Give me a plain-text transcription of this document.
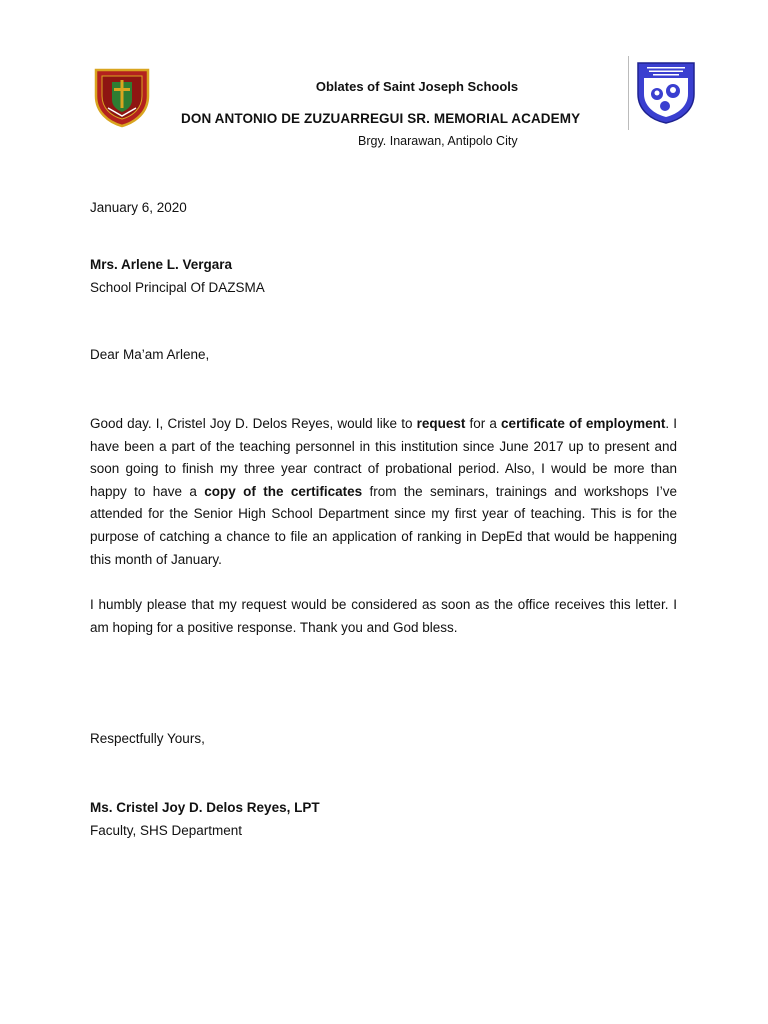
Oblates of Saint Joseph Schools
DON ANTONIO DE ZUZUARREGUI SR. MEMORIAL ACADEMY
Brgy. Inarawan, Antipolo City
January 6, 2020
Mrs. Arlene L. Vergara
School Principal Of DAZSMA
Dear Ma’am Arlene,
Good day. I, Cristel Joy D. Delos Reyes, would like to request for a certificate of employment. I have been a part of the teaching personnel in this institution since June 2017 up to present and soon going to finish my three year contract of probational period. Also, I would be more than happy to have a copy of the certificates from the seminars, trainings and workshops I’ve attended for the Senior High School Department since my first year of teaching. This is for the purpose of catching a chance to file an application of ranking in DepEd that would be happening this month of January.
I humbly please that my request would be considered as soon as the office receives this letter. I am hoping for a positive response. Thank you and God bless.
Respectfully Yours,
Ms. Cristel Joy D. Delos Reyes, LPT
Faculty, SHS Department
